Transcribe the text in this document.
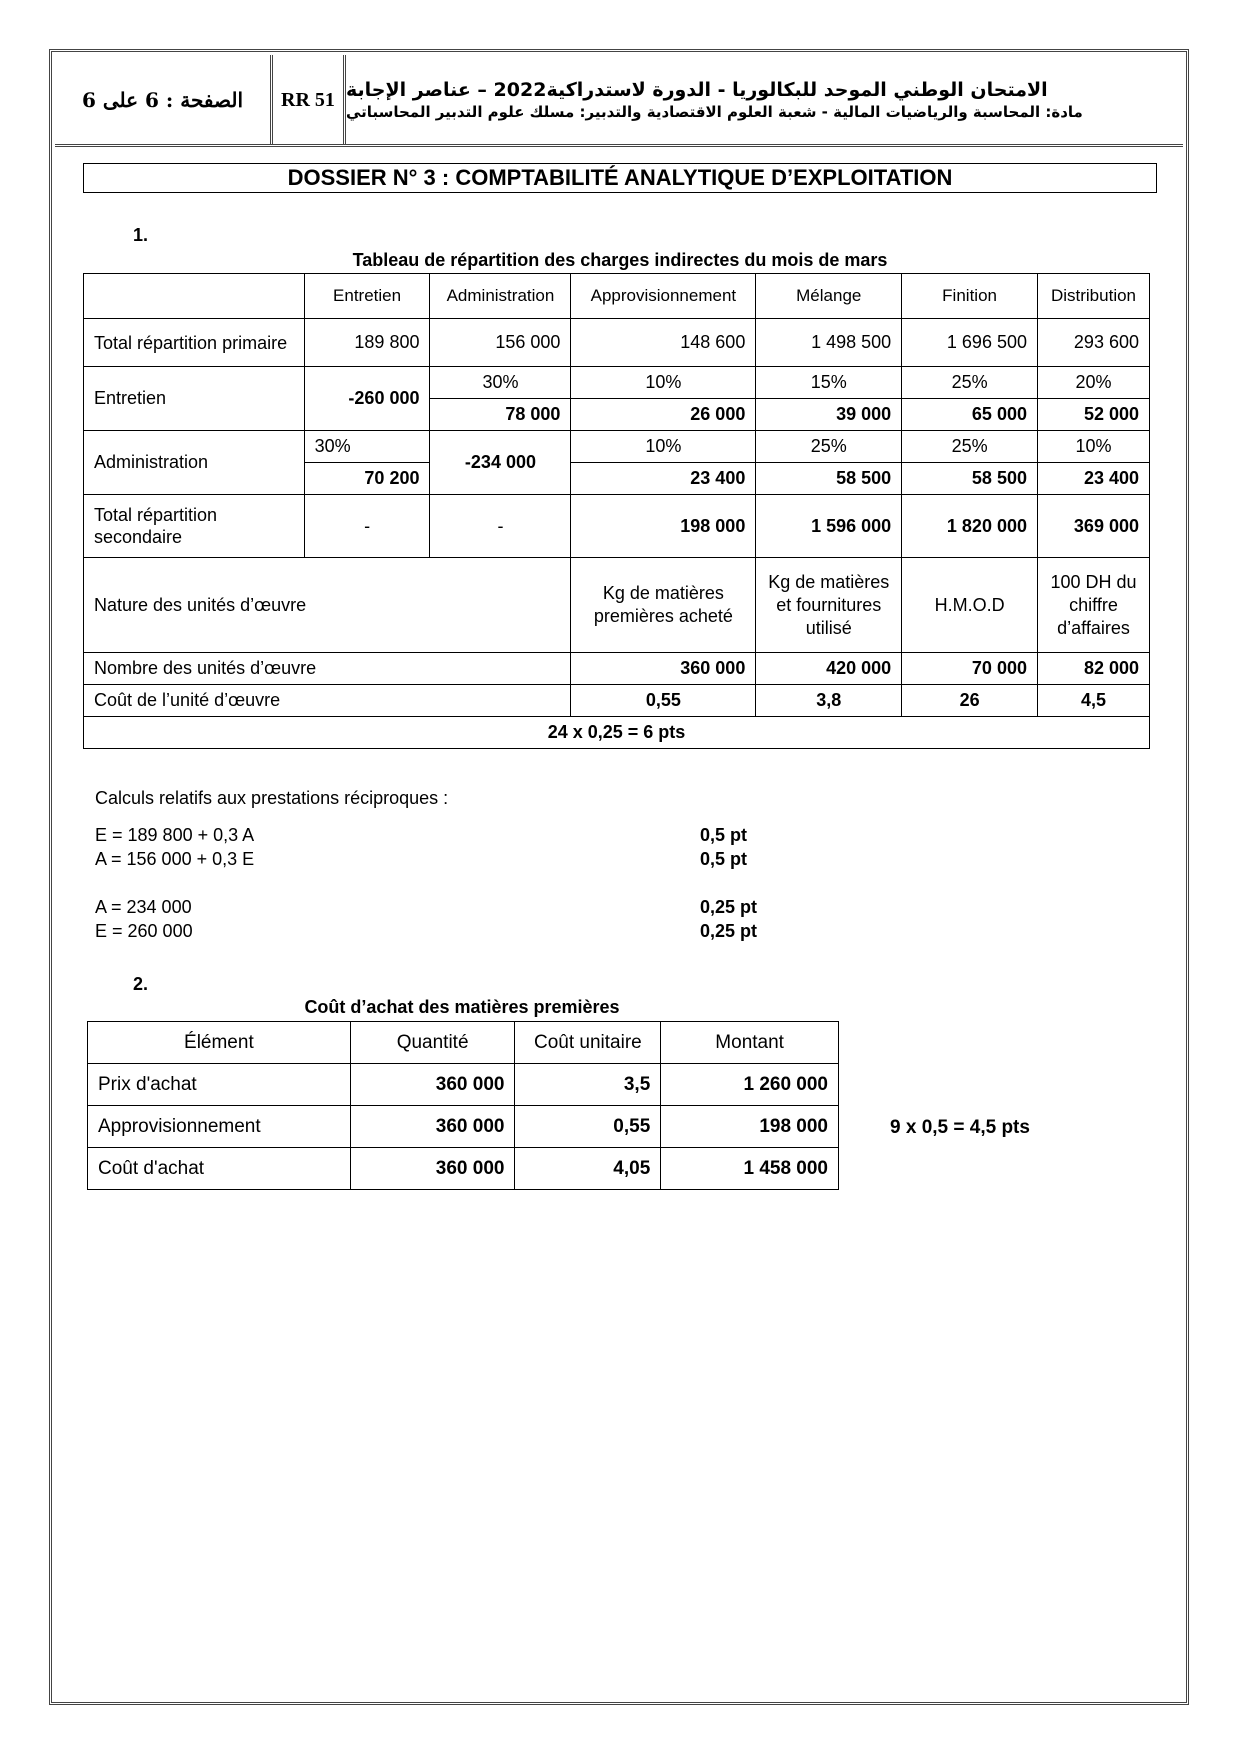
الصفحة : 6 على 6	RR 51 الامتحان الوطني الموحد للبكالوريا - الدورة لاستدراكية2022 – عناصر الإجابة
مادة: المحاسبة والرياضيات المالية - شعبة العلوم الاقتصادية والتدبير: مسلك علوم التدبير المحاسباتي
DOSSIER N° 3 : COMPTABILITÉ ANALYTIQUE D’EXPLOITATION
1.
Tableau de répartition des charges indirectes du mois de mars
	Entretien	Administration	Approvisionnement	Mélange	Finition	Distribution
Total répartition primaire	189 800	156 000	148 600	1 498 500	1 696 500	293 600
Entretien	-260 000	30%	10%	15%	25%	20%
		78 000	26 000	39 000	65 000	52 000
Administration	30%	-234 000	10%	25%	25%	10%
	70 200		23 400	58 500	58 500	23 400
Total répartition secondaire	-	-	198 000	1 596 000	1 820 000	369 000
Nature des unités d’œuvre			Kg de matières premières acheté	Kg de matières et fournitures utilisé	H.M.O.D	100 DH du chiffre d’affaires
Nombre des unités d’œuvre			360 000	420 000	70 000	82 000
Coût de l’unité d’œuvre			0,55	3,8	26	4,5
24 x 0,25 = 6 pts						
Calculs relatifs aux prestations réciproques :
E = 189 800 + 0,3 A	0,5 pt
A = 156 000 + 0,3 E	0,5 pt
A = 234 000	0,25 pt
E = 260 000	0,25 pt
2.
Coût d’achat des matières premières
Élément	Quantité	Coût unitaire	Montant
Prix d'achat	360 000	3,5	1 260 000
Approvisionnement	360 000	0,55	198 000
Coût d'achat	360 000	4,05	1 458 000
9 x 0,5 = 4,5 pts
